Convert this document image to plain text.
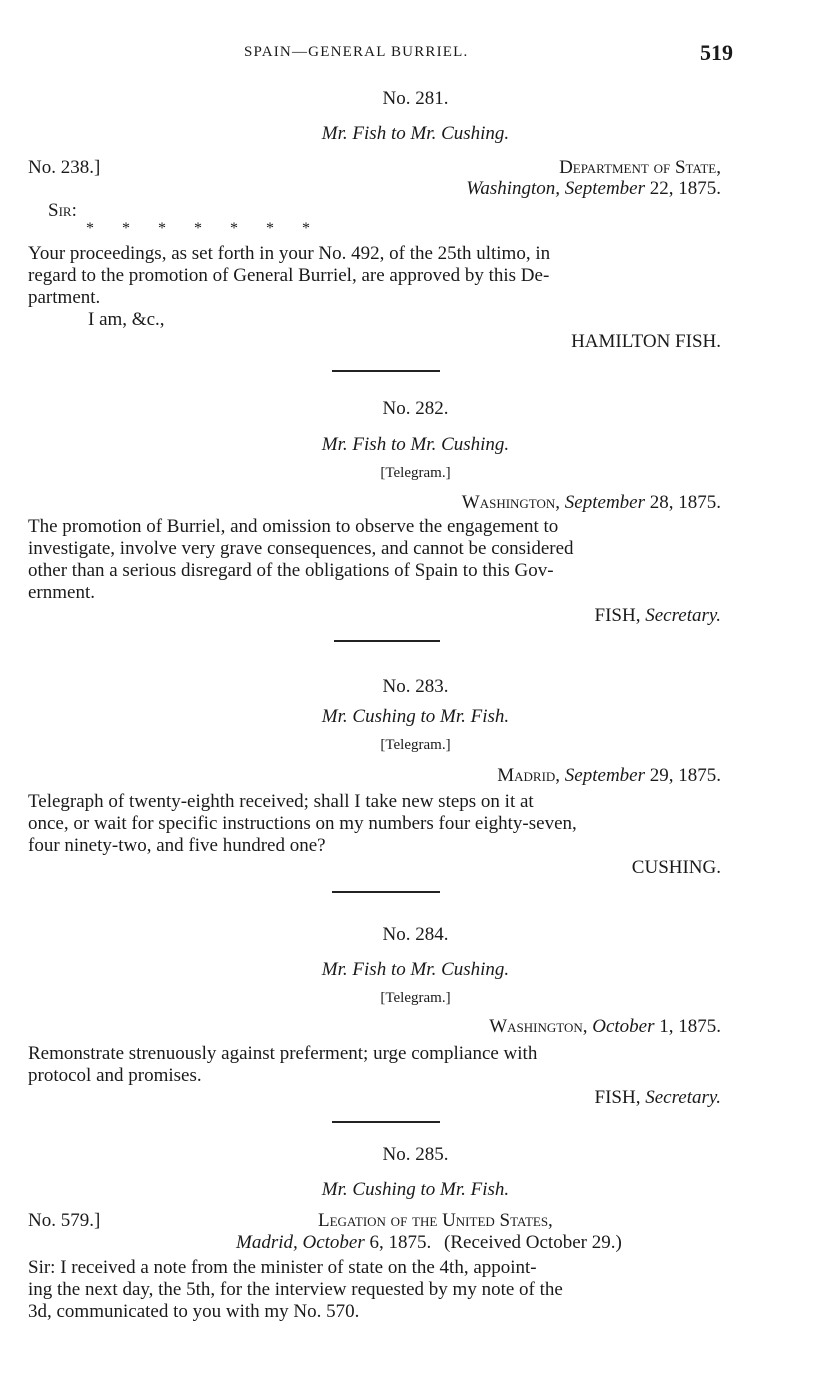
SPAIN—GENERAL BURRIEL.	519
No. 281.
Mr. Fish to Mr. Cushing.
No. 238.]	Department of State,
Washington, September 22, 1875.
Sir:
*       *       *       *       *       *       *
Your proceedings, as set forth in your No. 492, of the 25th ultimo, in
regard to the promotion of General Burriel, are approved by this De-
partment.
I am, &c.,
HAMILTON FISH.
No. 282.
Mr. Fish to Mr. Cushing.
[Telegram.]
Washington, September 28, 1875.
The promotion of Burriel, and omission to observe the engagement to
investigate, involve very grave consequences, and cannot be considered
other than a serious disregard of the obligations of Spain to this Gov-
ernment.
FISH, Secretary.
No. 283.
Mr. Cushing to Mr. Fish.
[Telegram.]
Madrid, September 29, 1875.
Telegraph of twenty-eighth received; shall I take new steps on it at
once, or wait for specific instructions on my numbers four eighty-seven,
four ninety-two, and five hundred one?
CUSHING.
No. 284.
Mr. Fish to Mr. Cushing.
[Telegram.]
Washington, October 1, 1875.
Remonstrate strenuously against preferment; urge compliance with
protocol and promises.
FISH, Secretary.
No. 285.
Mr. Cushing to Mr. Fish.
No. 579.]	Legation of the United States,
Madrid, October 6, 1875. (Received October 29.)
Sir: I received a note from the minister of state on the 4th, appoint-
ing the next day, the 5th, for the interview requested by my note of the
3d, communicated to you with my No. 570.
